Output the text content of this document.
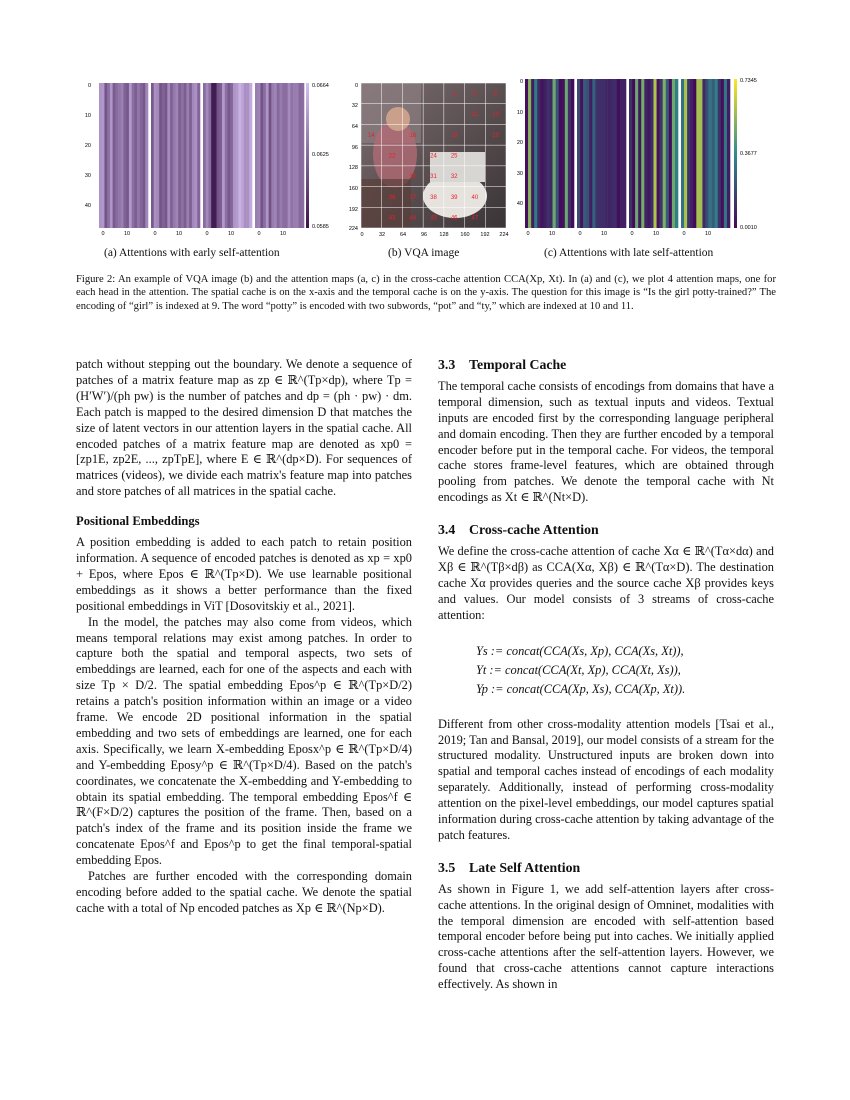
0.0664
0.0625
0.0585
0
10
20
30
40
0	10	0	10	0	10	0	10
4	5	6
12 13
14	16	18	20
22	24 25
30 31 32
36 37 38 39 40
43 44 45 46 47
0
32
64
96
128
160
192
224
0	32	64	96 128 160 192 224
0.7345
0.3677
0.0010
0
10
20
30
40
0	10	0	10	0	10	0	10
(a) Attentions with early self-attention	(b) VQA image	(c) Attentions with late self-attention
Figure 2: An example of VQA image (b) and the attention maps (a, c) in the cross-cache attention CCA(Xp, Xt). In (a) and (c), we plot 4 attention maps, one for each head in the attention. The spatial cache is on the x-axis and the temporal cache is on the y-axis. The question for this image is “Is the girl potty-trained?” The encoding of “girl” is indexed at 9. The word “potty” is encoded with two subwords, “pot” and “ty,” which are indexed at 10 and 11.

patch without stepping out the boundary. We denote a sequence of patches of a matrix feature map as zp ∈ ℝ^(Tp×dp), where Tp = (H′W′)/(ph pw) is the number of patches and dp = (ph · pw) · dm. Each patch is mapped to the desired dimension D that matches the size of latent vectors in our attention layers in the spatial cache. All encoded patches of a matrix feature map are denoted as xp0 = [zp1E, zp2E, ..., zpTpE], where E ∈ ℝ^(dp×D). For sequences of matrices (videos), we divide each matrix's feature map into patches and store patches of all matrices in the spatial cache.

Positional Embeddings

A position embedding is added to each patch to retain position information. A sequence of encoded patches is denoted as xp = xp0 + Epos, where Epos ∈ ℝ^(Tp×D). We use learnable positional embeddings as it shows a better performance than the fixed positional embeddings in ViT [Dosovitskiy et al., 2021].

In the model, the patches may also come from videos, which means temporal relations may exist among patches. In order to capture both the spatial and temporal aspects, two sets of embeddings are learned, each for one of the aspects and each with size Tp × D/2. The spatial embedding Epos^p ∈ ℝ^(Tp×D/2) retains a patch's position information within an image or a video frame. We encode 2D positional information in the spatial embedding and two sets of embeddings are learned, one for each axis. Specifically, we learn X-embedding Eposx^p ∈ ℝ^(Tp×D/4) and Y-embedding Eposy^p ∈ ℝ^(Tp×D/4). Based on the patch's coordinates, we concatenate the X-embedding and Y-embedding to obtain its spatial embedding. The temporal embedding Epos^f ∈ ℝ^(F×D/2) captures the position of the frame. Then, based on a patch's index of the frame and its position inside the frame we concatenate Epos^f and Epos^p to get the final temporal-spatial embedding Epos.

Patches are further encoded with the corresponding domain encoding before added to the spatial cache. We denote the spatial cache with a total of Np encoded patches as Xp ∈ ℝ^(Np×D).

3.3  Temporal Cache

The temporal cache consists of encodings from domains that have a temporal dimension, such as textual inputs and videos. Textual inputs are encoded first by the corresponding language peripheral and domain encoding. Then they are further encoded by a temporal encoder before put in the temporal cache. For videos, the temporal cache stores frame-level features, which are obtained through pooling from patches. We denote the temporal cache with Nt encodings as Xt ∈ ℝ^(Nt×D).

3.4  Cross-cache Attention

We define the cross-cache attention of cache Xα ∈ ℝ^(Tα×dα) and Xβ ∈ ℝ^(Tβ×dβ) as CCA(Xα, Xβ) ∈ ℝ^(Tα×D). The destination cache Xα provides queries and the source cache Xβ provides keys and values. Our model consists of 3 streams of cross-cache attention:

Ys := concat(CCA(Xs, Xp), CCA(Xs, Xt)),
Yt := concat(CCA(Xt, Xp), CCA(Xt, Xs)),
Yp := concat(CCA(Xp, Xs), CCA(Xp, Xt)).

Different from other cross-modality attention models [Tsai et al., 2019; Tan and Bansal, 2019], our model consists of a stream for the structured modality. Unstructured inputs are broken down into spatial and temporal caches instead of encodings of each modality separately. Additionally, instead of performing cross-modality attention on the pixel-level embeddings, our model captures spatial information during cross-cache attention by taking advantage of the patch features.

3.5  Late Self Attention

As shown in Figure 1, we add self-attention layers after cross-cache attentions. In the original design of Omninet, modalities with the temporal dimension are encoded with self-attention based temporal encoder before being put into caches. We initially applied cross-cache attentions after the self-attention layers. However, we found that cross-cache attentions cannot capture interactions effectively. As shown in
